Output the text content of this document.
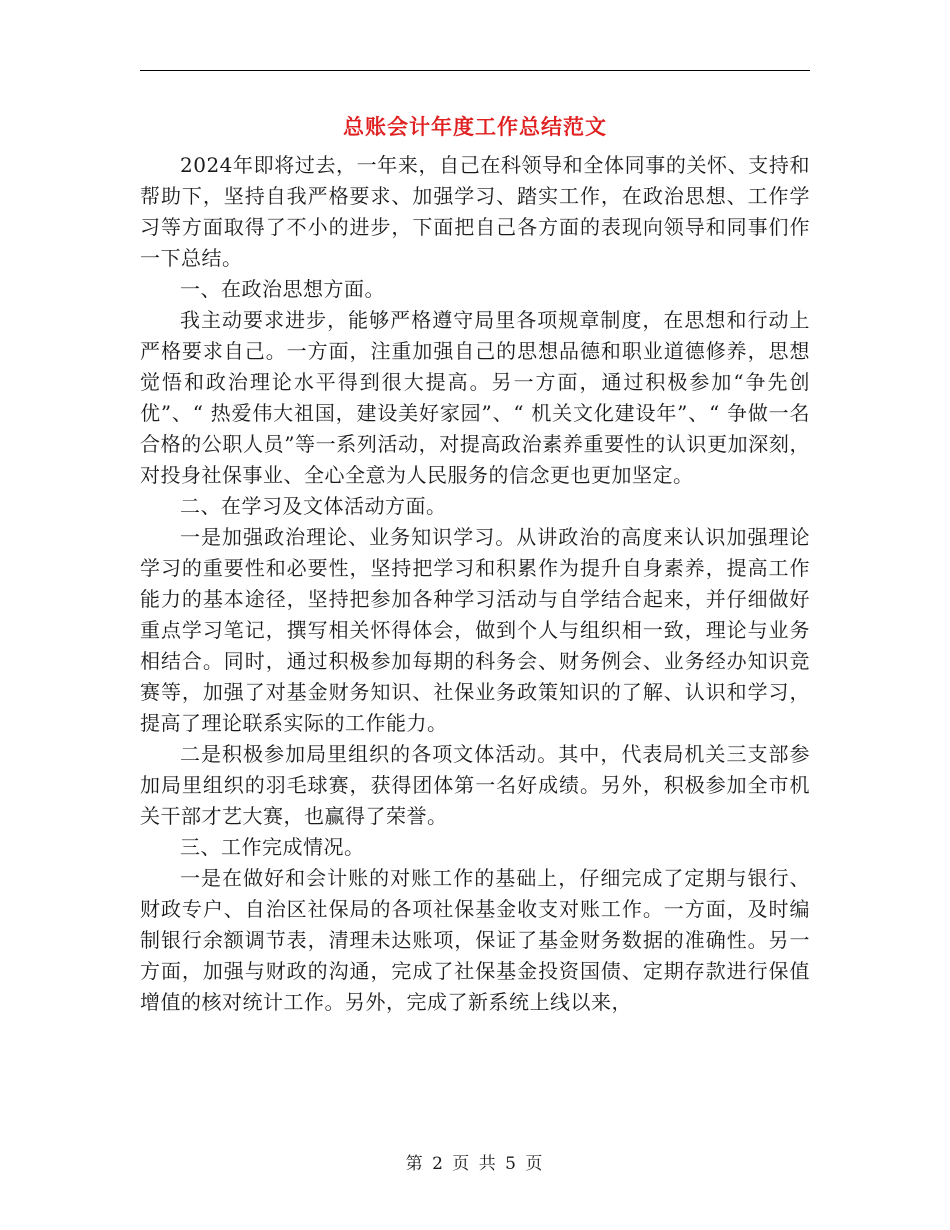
总账会计年度工作总结范文

2024年即将过去，一年来，自己在科领导和全体同事的关怀、支持和帮助下，坚持自我严格要求、加强学习、踏实工作，在政治思想、工作学习等方面取得了不小的进步，下面把自己各方面的表现向领导和同事们作一下总结。

一、在政治思想方面。

我主动要求进步，能够严格遵守局里各项规章制度，在思想和行动上严格要求自己。一方面，注重加强自己的思想品德和职业道德修养，思想觉悟和政治理论水平得到很大提高。另一方面，通过积极参加“争先创优”、“ 热爱伟大祖国，建设美好家园”、“ 机关文化建设年”、“ 争做一名合格的公职人员”等一系列活动，对提高政治素养重要性的认识更加深刻，对投身社保事业、全心全意为人民服务的信念更也更加坚定。

二、在学习及文体活动方面。

一是加强政治理论、业务知识学习。从讲政治的高度来认识加强理论学习的重要性和必要性，坚持把学习和积累作为提升自身素养，提高工作能力的基本途径，坚持把参加各种学习活动与自学结合起来，并仔细做好重点学习笔记，撰写相关怀得体会，做到个人与组织相一致，理论与业务相结合。同时，通过积极参加每期的科务会、财务例会、业务经办知识竞赛等，加强了对基金财务知识、社保业务政策知识的了解、认识和学习，提高了理论联系实际的工作能力。

二是积极参加局里组织的各项文体活动。其中，代表局机关三支部参加局里组织的羽毛球赛，获得团体第一名好成绩。另外，积极参加全市机关干部才艺大赛，也赢得了荣誉。

三、工作完成情况。

一是在做好和会计账的对账工作的基础上，仔细完成了定期与银行、财政专户、自治区社保局的各项社保基金收支对账工作。一方面，及时编制银行余额调节表，清理未达账项，保证了基金财务数据的准确性。另一方面，加强与财政的沟通，完成了社保基金投资国债、定期存款进行保值增值的核对统计工作。另外，完成了新系统上线以来，

第 2 页 共 5 页
